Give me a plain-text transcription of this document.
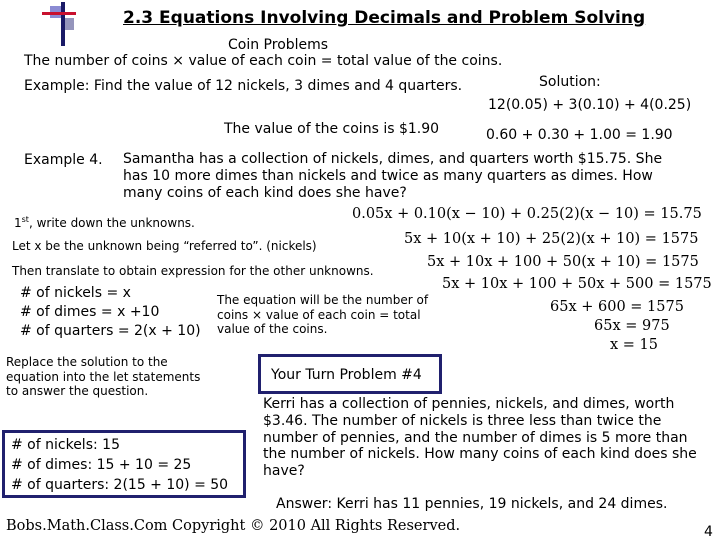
2.3 Equations Involving Decimals and Problem Solving
Coin Problems
The number of coins × value of each coin = total value of the coins.
Example: Find the value of 12 nickels, 3 dimes and 4 quarters.	Solution:
12(0.05) + 3(0.10) + 4(0.25)
The value of the coins is $1.90	0.60 + 0.30 + 1.00 = 1.90
Example 4. Samantha has a collection of nickels, dimes, and quarters worth $15.75. She has 10 more dimes than nickels and twice as many quarters as dimes. How many coins of each kind does she have?
1st, write down the unknowns.
Let x be the unknown being “referred to”. (nickels)
Then translate to obtain expression for the other unknowns.
# of nickels = x
# of dimes = x +10
# of quarters = 2(x + 10)
The equation will be the number of coins × value of each coin = total value of the coins.
0.05x + 0.10(x − 10) + 0.25(2)(x − 10) = 15.75
5x + 10(x + 10) + 25(2)(x + 10) = 1575
5x + 10x + 100 + 50(x + 10) = 1575
5x + 10x + 100 + 50x + 500 = 1575
65x + 600 = 1575
65x = 975
x = 15
Replace the solution to the equation into the let statements to answer the question.
# of nickels: 15
# of dimes: 15 + 10 = 25
# of quarters: 2(15 + 10) = 50
Your Turn Problem #4
Kerri has a collection of pennies, nickels, and dimes, worth $3.46. The number of nickels is three less than twice the number of pennies, and the number of dimes is 5 more than the number of nickels. How many coins of each kind does she have?
Answer: Kerri has 11 pennies, 19 nickels, and 24 dimes.
Bobs.Math.Class.Com Copyright © 2010 All Rights Reserved.	4
